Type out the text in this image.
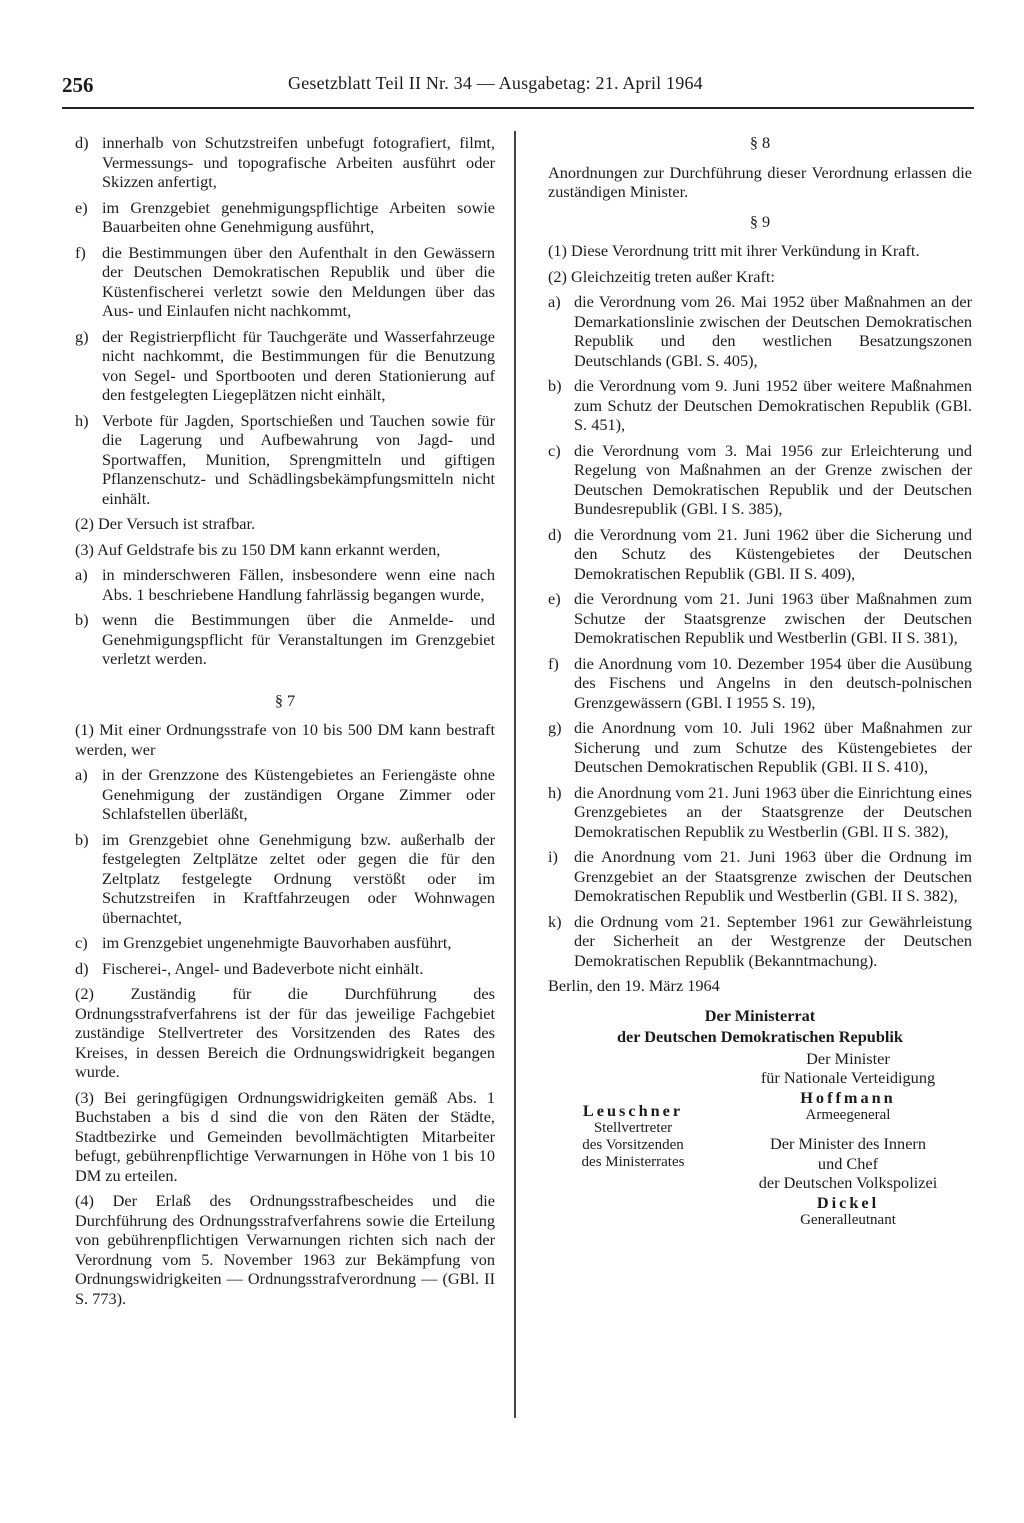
256	Gesetzblatt Teil II Nr. 34 — Ausgabetag: 21. April 1964
d) innerhalb von Schutzstreifen unbefugt fotografiert, filmt, Vermessungs- und topografische Arbeiten ausführt oder Skizzen anfertigt,
e) im Grenzgebiet genehmigungspflichtige Arbeiten sowie Bauarbeiten ohne Genehmigung ausführt,
f) die Bestimmungen über den Aufenthalt in den Gewässern der Deutschen Demokratischen Republik und über die Küstenfischerei verletzt sowie den Meldungen über das Aus- und Einlaufen nicht nachkommt,
g) der Registrierpflicht für Tauchgeräte und Wasserfahrzeuge nicht nachkommt, die Bestimmungen für die Benutzung von Segel- und Sportbooten und deren Stationierung auf den festgelegten Liegeplätzen nicht einhält,
h) Verbote für Jagden, Sportschießen und Tauchen sowie für die Lagerung und Aufbewahrung von Jagd- und Sportwaffen, Munition, Sprengmitteln und giftigen Pflanzenschutz- und Schädlingsbekämpfungsmitteln nicht einhält.
(2) Der Versuch ist strafbar.
(3) Auf Geldstrafe bis zu 150 DM kann erkannt werden,
a) in minderschweren Fällen, insbesondere wenn eine nach Abs. 1 beschriebene Handlung fahrlässig begangen wurde,
b) wenn die Bestimmungen über die Anmelde- und Genehmigungspflicht für Veranstaltungen im Grenzgebiet verletzt werden.
§ 7
(1) Mit einer Ordnungsstrafe von 10 bis 500 DM kann bestraft werden, wer
a) in der Grenzzone des Küstengebietes an Feriengäste ohne Genehmigung der zuständigen Organe Zimmer oder Schlafstellen überläßt,
b) im Grenzgebiet ohne Genehmigung bzw. außerhalb der festgelegten Zeltplätze zeltet oder gegen die für den Zeltplatz festgelegte Ordnung verstößt oder im Schutzstreifen in Kraftfahrzeugen oder Wohnwagen übernachtet,
c) im Grenzgebiet ungenehmigte Bauvorhaben ausführt,
d) Fischerei-, Angel- und Badeverbote nicht einhält.
(2) Zuständig für die Durchführung des Ordnungsstrafverfahrens ist der für das jeweilige Fachgebiet zuständige Stellvertreter des Vorsitzenden des Rates des Kreises, in dessen Bereich die Ordnungswidrigkeit begangen wurde.
(3) Bei geringfügigen Ordnungswidrigkeiten gemäß Abs. 1 Buchstaben a bis d sind die von den Räten der Städte, Stadtbezirke und Gemeinden bevollmächtigten Mitarbeiter befugt, gebührenpflichtige Verwarnungen in Höhe von 1 bis 10 DM zu erteilen.
(4) Der Erlaß des Ordnungsstrafbescheides und die Durchführung des Ordnungsstrafverfahrens sowie die Erteilung von gebührenpflichtigen Verwarnungen richten sich nach der Verordnung vom 5. November 1963 zur Bekämpfung von Ordnungswidrigkeiten — Ordnungsstrafverordnung — (GBl. II S. 773).
§ 8
Anordnungen zur Durchführung dieser Verordnung erlassen die zuständigen Minister.
§ 9
(1) Diese Verordnung tritt mit ihrer Verkündung in Kraft.
(2) Gleichzeitig treten außer Kraft:
a) die Verordnung vom 26. Mai 1952 über Maßnahmen an der Demarkationslinie zwischen der Deutschen Demokratischen Republik und den westlichen Besatzungszonen Deutschlands (GBl. S. 405),
b) die Verordnung vom 9. Juni 1952 über weitere Maßnahmen zum Schutz der Deutschen Demokratischen Republik (GBl. S. 451),
c) die Verordnung vom 3. Mai 1956 zur Erleichterung und Regelung von Maßnahmen an der Grenze zwischen der Deutschen Demokratischen Republik und der Deutschen Bundesrepublik (GBl. I S. 385),
d) die Verordnung vom 21. Juni 1962 über die Sicherung und den Schutz des Küstengebietes der Deutschen Demokratischen Republik (GBl. II S. 409),
e) die Verordnung vom 21. Juni 1963 über Maßnahmen zum Schutze der Staatsgrenze zwischen der Deutschen Demokratischen Republik und Westberlin (GBl. II S. 381),
f) die Anordnung vom 10. Dezember 1954 über die Ausübung des Fischens und Angelns in den deutsch-polnischen Grenzgewässern (GBl. I 1955 S. 19),
g) die Anordnung vom 10. Juli 1962 über Maßnahmen zur Sicherung und zum Schutze des Küstengebietes der Deutschen Demokratischen Republik (GBl. II S. 410),
h) die Anordnung vom 21. Juni 1963 über die Einrichtung eines Grenzgebietes an der Staatsgrenze der Deutschen Demokratischen Republik zu Westberlin (GBl. II S. 382),
i) die Anordnung vom 21. Juni 1963 über die Ordnung im Grenzgebiet an der Staatsgrenze zwischen der Deutschen Demokratischen Republik und Westberlin (GBl. II S. 382),
k) die Ordnung vom 21. September 1961 zur Gewährleistung der Sicherheit an der Westgrenze der Deutschen Demokratischen Republik (Bekanntmachung).
Berlin, den 19. März 1964
Der Ministerrat
der Deutschen Demokratischen Republik
Leuschner
Stellvertreter
des Vorsitzenden
des Ministerrates
Der Minister
für Nationale Verteidigung
Hoffmann
Armeegeneral
Der Minister des Innern
und Chef
der Deutschen Volkspolizei
Dickel
Generalleutnant
